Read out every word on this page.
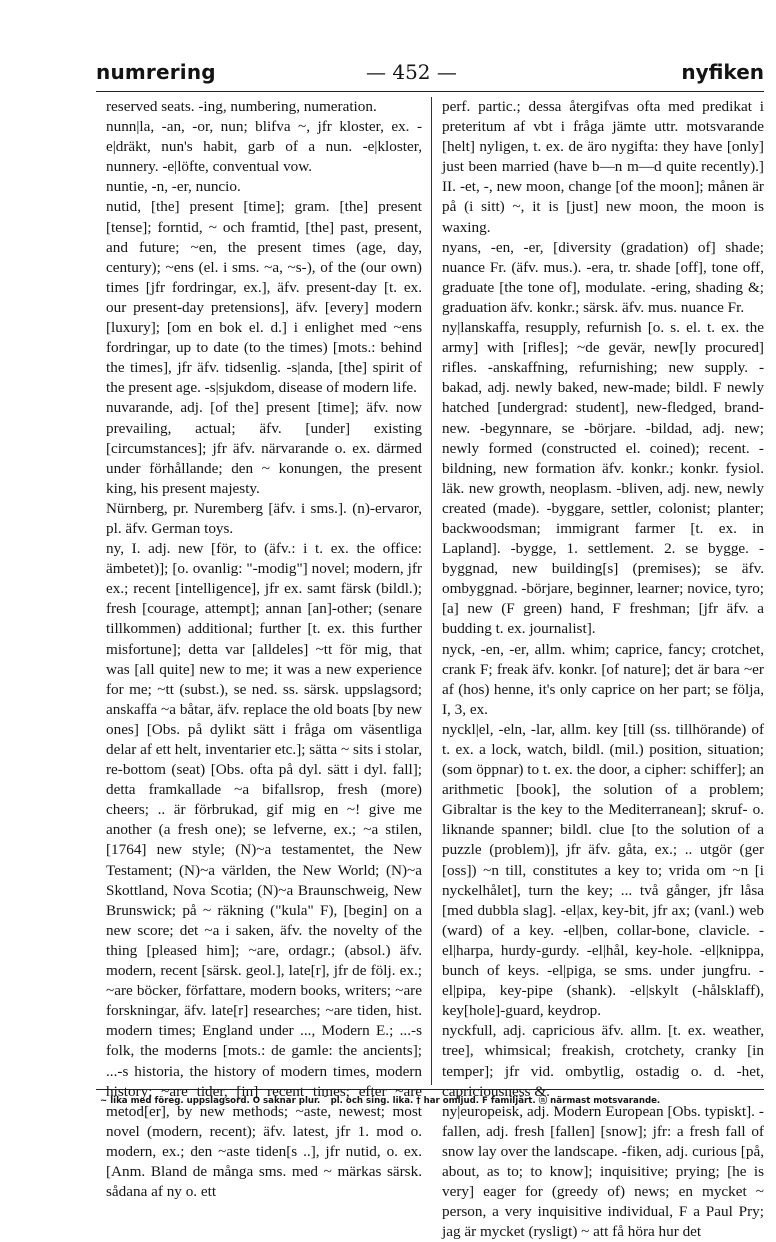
numrering	— 452 —	nyfiken

reserved seats. -ing, numbering, numeration.

nunn|la, -an, -or, nun; blifva ~, jfr kloster, ex. -e|dräkt, nun's habit, garb of a nun. -e|kloster, nunnery. -e|löfte, conventual vow.

nuntie, -n, -er, nuncio.

nutid, [the] present [time]; gram. [the] present [tense]; forntid, ~ och framtid, [the] past, present, and future; ~en, the present times (age, day, century); ~ens (el. i sms. ~a, ~s-), of the (our own) times [jfr fordringar, ex.], äfv. present-day [t. ex. our present-day pretensions], äfv. [every] modern [luxury]; [om en bok el. d.] i enlighet med ~ens fordringar, up to date (to the times) [mots.: behind the times], jfr äfv. tidsenlig. -s|anda, [the] spirit of the present age. -s|sjukdom, disease of modern life.

nuvarande, adj. [of the] present [time]; äfv. now prevailing, actual; äfv. [under] existing [circumstances]; jfr äfv. närvarande o. ex. därmed under förhållande; den ~ konungen, the present king, his present majesty.

Nürnberg, pr. Nuremberg [äfv. i sms.]. (n)-ervaror, pl. äfv. German toys.

ny, I. adj. new [för, to (äfv.: i t. ex. the office: ämbetet)]; [o. ovanlig: "-modig"] novel; modern, jfr ex.; recent [intelligence], jfr ex. samt färsk (bildl.); fresh [courage, attempt]; annan [an]-other; (senare tillkommen) additional; further [t. ex. this further misfortune]; detta var [alldeles] ~tt för mig, that was [all quite] new to me; it was a new experience for me; ~tt (subst.), se ned. ss. särsk. uppslagsord; anskaffa ~a båtar, äfv. replace the old boats [by new ones] [Obs. på dylikt sätt i fråga om väsentliga delar af ett helt, inventarier etc.]; sätta ~ sits i stolar, re-bottom (seat) [Obs. ofta på dyl. sätt i dyl. fall]; detta framkallade ~a bifallsrop, fresh (more) cheers; .. är förbrukad, gif mig en ~! give me another (a fresh one); se lefverne, ex.; ~a stilen, [1764] new style; (N)~a testamentet, the New Testament; (N)~a världen, the New World; (N)~a Skottland, Nova Scotia; (N)~a Braunschweig, New Brunswick; på ~ räkning ("kula" F), [begin] on a new score; det ~a i saken, äfv. the novelty of the thing [pleased him]; ~are, ordagr.; (absol.) äfv. modern, recent [särsk. geol.], late[r], jfr de följ. ex.; ~are böcker, författare, modern books, writers; ~are forskningar, äfv. late[r] researches; ~are tiden, hist. modern times; England under ..., Modern E.; ...-s folk, the moderns [mots.: de gamle: the ancients]; ...-s historia, the history of modern times, modern history; ~are tider, [in] recent times; efter ~are metod[er], by new methods; ~aste, newest; most novel (modern, recent); äfv. latest, jfr 1. mod o. modern, ex.; den ~aste tiden[s ..], jfr nutid, o. ex. [Anm. Bland de många sms. med ~ märkas särsk. sådana af ny o. ett

perf. partic.; dessa återgifvas ofta med predikat i preteritum af vbt i fråga jämte uttr. motsvarande [helt] nyligen, t. ex. de äro nygifta: they have [only] just been married (have b—n m—d quite recently).] II. -et, -, new moon, change [of the moon]; månen är på (i sitt) ~, it is [just] new moon, the moon is waxing.

nyans, -en, -er, [diversity (gradation) of] shade; nuance Fr. (äfv. mus.). -era, tr. shade [off], tone off, graduate [the tone of], modulate. -ering, shading &; graduation äfv. konkr.; särsk. äfv. mus. nuance Fr.

ny|lanskaffa, resupply, refurnish [o. s. el. t. ex. the army] with [rifles]; ~de gevär, new[ly procured] rifles. -anskaffning, refurnishing; new supply. -bakad, adj. newly baked, new-made; bildl. F newly hatched [undergrad: student], new-fledged, brand-new. -begynnare, se -börjare. -bildad, adj. new; newly formed (constructed el. coined); recent. -bildning, new formation äfv. konkr.; konkr. fysiol. läk. new growth, neoplasm. -bliven, adj. new, newly created (made). -byggare, settler, colonist; planter; backwoodsman; immigrant farmer [t. ex. in Lapland]. -bygge, 1. settlement. 2. se bygge. -byggnad, new building[s] (premises); se äfv. ombyggnad. -börjare, beginner, learner; novice, tyro; [a] new (F green) hand, F freshman; [jfr äfv. a budding t. ex. journalist].

nyck, -en, -er, allm. whim; caprice, fancy; crotchet, crank F; freak äfv. konkr. [of nature]; det är bara ~er af (hos) henne, it's only caprice on her part; se följa, I, 3, ex.

nyckl|el, -eln, -lar, allm. key [till (ss. tillhörande) of t. ex. a lock, watch, bildl. (mil.) position, situation; (som öppnar) to t. ex. the door, a cipher: schiffer]; an arithmetic [book], the solution of a problem; Gibraltar is the key to the Mediterranean]; skruf- o. liknande spanner; bildl. clue [to the solution of a puzzle (problem)], jfr äfv. gåta, ex.; .. utgör (ger [oss]) ~n till, constitutes a key to; vrida om ~n [i nyckelhålet], turn the key; ... två gånger, jfr låsa [med dubbla slag]. -el|ax, key-bit, jfr ax; (vanl.) web (ward) of a key. -el|ben, collar-bone, clavicle. -el|harpa, hurdy-gurdy. -el|hål, key-hole. -el|knippa, bunch of keys. -el|piga, se sms. under jungfru. -el|pipa, key-pipe (shank). -el|skylt (-hålsklaff), key[hole]-guard, keydrop.

nyckfull, adj. capricious äfv. allm. [t. ex. weather, tree], whimsical; freakish, crotchety, cranky [in temper]; jfr vid. ombytlig, ostadig o. d. -het, capriciousness &.

ny|europeisk, adj. Modern European [Obs. typiskt]. -fallen, adj. fresh [fallen] [snow]; jfr: a fresh fall of snow lay over the landscape. -fiken, adj. curious [på, about, as to; to know]; inquisitive; prying; [he is very] eager for (greedy of) news; en mycket ~ person, a very inquisitive individual, F a Paul Pry; jag är mycket (rysligt) ~ att få höra hur det

~ lika med föreg. uppslagsord. O saknar plur. ¯ pl. och sing. lika. † har omljud. F familjärt. ⓝ närmast motsvarande.
